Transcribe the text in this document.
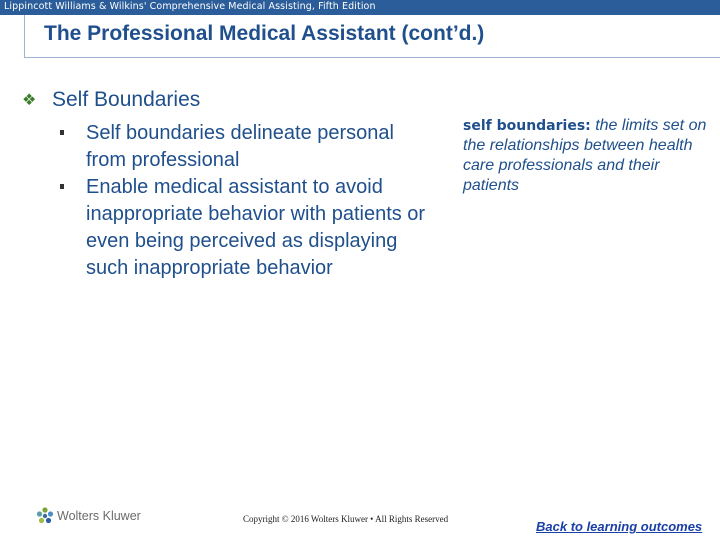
Lippincott Williams & Wilkins' Comprehensive Medical Assisting, Fifth Edition
The Professional Medical Assistant (cont’d.)
❖ Self Boundaries
Self boundaries delineate personal from professional
Enable medical assistant to avoid inappropriate behavior with patients or even being perceived as displaying such inappropriate behavior
self boundaries: the limits set on the relationships between health care professionals and their patients
Wolters Kluwer	Copyright © 2016 Wolters Kluwer • All Rights Reserved	Back to learning outcomes
